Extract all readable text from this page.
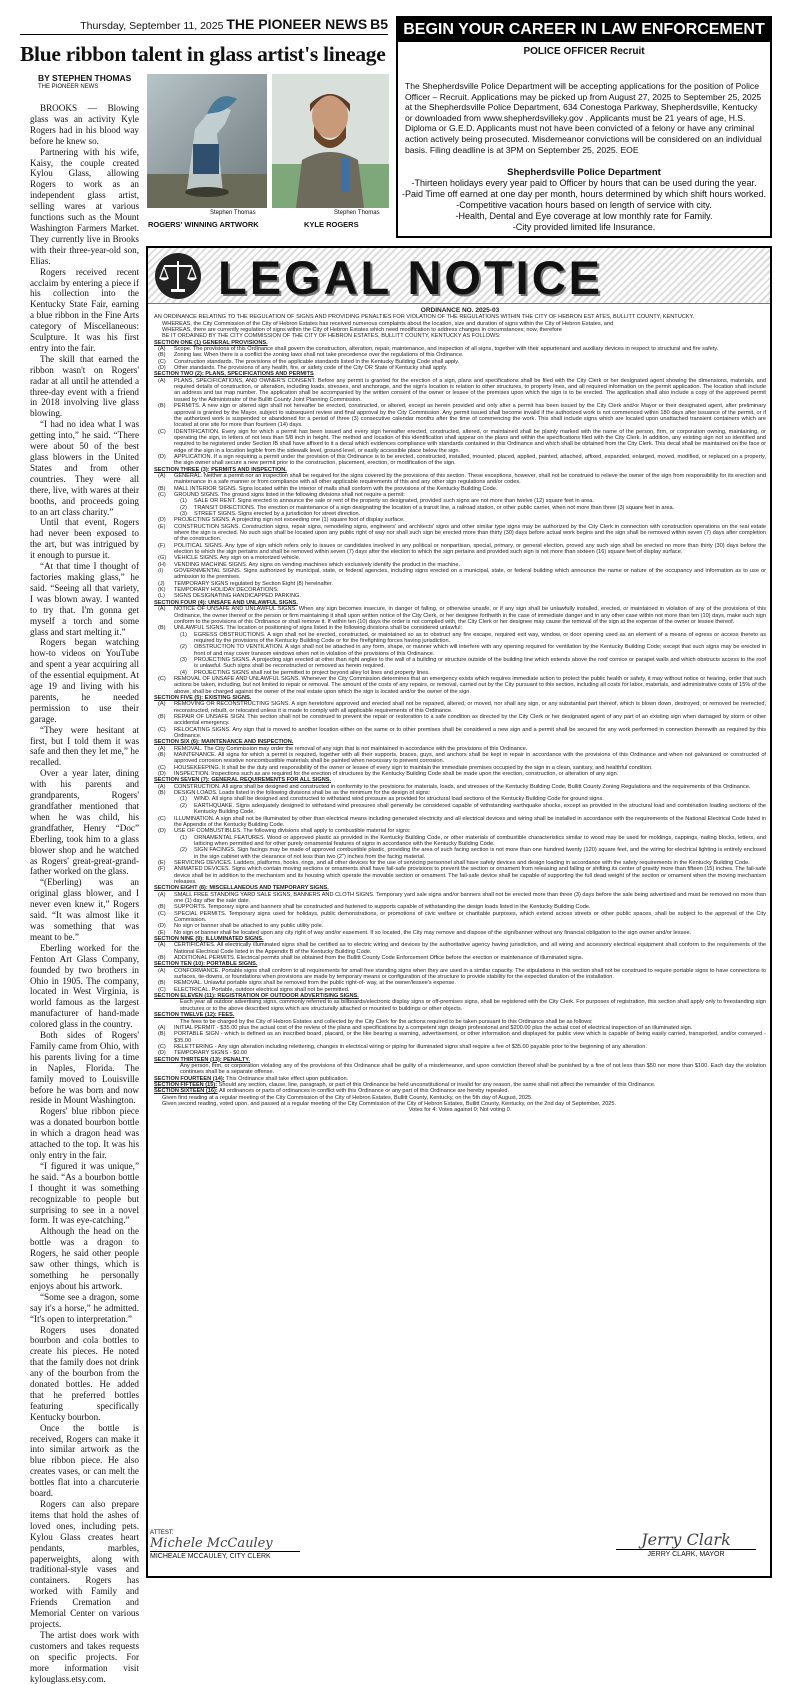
Thursday, September 11, 2025 THE PIONEER NEWS B5
Blue ribbon talent in glass artist's lineage
BY STEPHEN THOMAS
THE PIONEER NEWS
Stephen Thomas
ROGERS' WINNING ARTWORK
Stephen Thomas
KYLE ROGERS

BROOKS — Blowing glass was an activity Kyle Rogers had in his blood way before he knew so.

Partnering with his wife, Kaisy, the couple created Kylou Glass, allowing Rogers to work as an independent glass artist, selling wares at various functions such as the Mount Washington Farmers Market. They currently live in Brooks with their three-year-old son, Elias.

Rogers received recent acclaim by entering a piece if his collection into the Kentucky State Fair, earning a blue ribbon in the Fine Arts category of Miscellaneous: Sculpture. It was his first entry into the fair.

The skill that earned the ribbon wasn't on Rogers' radar at all until he attended a three-day event with a friend in 2018 involving live glass blowing.

“I had no idea what I was getting into,” he said. “There were about 50 of the best glass blowers in the United States and from other countries. They were all there, live, with wares at their booths, and proceeds going to an art class charity.”

Until that event, Rogers had never been exposed to the art, but was intrigued by it enough to pursue it.

“At that time I thought of factories making glass,” he said. “Seeing all that variety, I was blown away. I wanted to try that. I'm gonna get myself a torch and some glass and start melting it.”

Rogers began watching how-to videos on YouTube and spent a year acquiring all of the essential equipment. At age 19 and living with his parents, he needed permission to use their garage.

“They were hesitant at first, but I told them it was safe and then they let me,” he recalled.

Over a year later, dining with his parents and grandparents, Rogers' grandfather mentioned that when he was child, his grandfather, Henry “Doc” Eberling, took him to a glass blower shop and he watched as Rogers' great-great-grand-father worked on the glass.

“(Eberling) was an original glass blower, and I never even knew it,” Rogers said. “It was almost like it was something that was meant to be.”

Eberling worked for the Fenton Art Glass Company, founded by two brothers in Ohio in 1905. The company, located in West Virginia, is world famous as the largest manufacturer of hand-made colored glass in the country.

Both sides of Rogers' Family came from Ohio, with his parents living for a time in Naples, Florida. The family moved to Louisville before he was born and now reside in Mount Washington.

Rogers' blue ribbon piece was a donated bourbon bottle in which a dragon head was attached to the top. It was his only entry in the fair.

“I figured it was unique,” he said. “As a bourbon bottle I thought it was something recognizable to people but surprising to see in a novel form. It was eye-catching.”

Although the head on the bottle was a dragon to Rogers, he said other people saw other things, which is something he personally enjoys about his artwork.

“Some see a dragon, some say it's a horse,” he admitted. “It's open to interpretation.”

Rogers uses donated bourbon and cola bottles to create his pieces. He noted that the family does not drink any of the bourbon from the donated bottles. He added that he preferred bottles featuring specifically Kentucky bourbon.

Once the bottle is received, Rogers can make it into similar artwork as the blue ribbon piece. He also creates vases, or can melt the bottles flat into a charcuterie board.

Rogers can also prepare items that hold the ashes of loved ones, including pets. Kylou Glass creates heart pendants, marbles, paperweights, along with traditional-style vases and containers. Rogers has worked with Family and Friends Cremation and Memorial Center on various projects.

The artist does work with customers and takes requests on specific projects. For more information visit kylouglass.etsy.com.

BEGIN YOUR CAREER IN LAW ENFORCEMENT
POLICE OFFICER Recruit
The Shepherdsville Police Department will be accepting applications for the position of Police Officer – Recruit. Applications may be picked up from August 27, 2025 to September 25, 2025 at the Shepherdsville Police Department, 634 Conestoga Parkway, Shepherdsville, Kentucky or downloaded from www.shepherdsvilleky.gov . Applicants must be 21 years of age, H.S. Diploma or G.E.D. Applicants must not have been convicted of a felony or have any criminal action actively being prosecuted. Misdemeanor convictions will be considered on an individual basis. Filing deadline is at 3PM on September 25, 2025. EOE
Shepherdsville Police Department
-Thirteen holidays every year paid to Officer by hours that can be used during the year.
-Paid Time off earned at one day per month, hours determined by which shift hours worked.
-Competitive vacation hours based on length of service with city.
-Health, Dental and Eye coverage at low monthly rate for Family.
-City provided limited life Insurance.
LEGAL NOTICE
ORDINANCE NO. 2025-03
AN ORDINANCE RELATING TO THE REGULATION OF SIGNS AND PROVIDING PENALTIES FOR VIOLATION OF THE REGULATIONS WITHIN THE CITY OF HEBRON EST ATES, BULLITT COUNTY, KENTUCKY.
WHEREAS, the City Commission of the City of Hebron Estates has received numerous complaints about the location, size and duration of signs within the City of Hebron Estates, and
WHEREAS, there are currently regulation of signs within the City of Hebron Estates which need modification to address changes in circumstances; now, therefore
BE IT ORDAINED BY THE CITY COMMISSION OF THE CITY OF HEBRON ESTATES, BULLITT COUNTY, KENTUCKY AS FOLLOWS:
SECTION ONE (1) GENERAL PROVISIONS.
(A)	Scope. The provisions of this Ordinance shall govern the construction, alteration, repair, maintenance, and inspection of all signs, together with their appurtenant and auxiliary devices in respect to structural and fire safety.
(B)	Zoning law. When there is a conflict the zoning laws shall not take precedence over the regulations of this Ordinance.
(C)	Construction standards. The provisions of the applicable standards listed in the Kentucky Building Code shall apply.
(D)	Other standards. The provisions of any health, fire, or safety code of the City OR State of Kentucky shall apply.
SECTION TWO (2): PLANS, SPECIFICATIONS AND PERMITS
(A)	PLANS, SPECIFICATIONS, AND OWNER'S CONSENT. Before any permit is granted for the erection of a sign, plans and specifications shall be filed with the City Clerk or her designated agent showing the dimensions, materials, and required details of construction, or alteration, including loads, stresses, and anchorage, and the sign's location is relation to other structures, to property lines, and all required information on the permit application. The location shall include an address and tax map number. The application shall be accompanied by the written consent of the owner or lessee of the premises upon which the sign is to be erected. The application shall also include a copy of the approved permit issued by the Administrator of the Bullitt County Joint Planning Commission.
(B)	PERMITS. A new sign or altered sign shall not hereafter be erected, constructed, or altered, except as herein provided and only after a permit has been issued by the City Clerk and/or Mayor or their designated agent, after preliminary approval is granted by the Mayor, subject to subsequent review and final approval by the City Commission. Any permit issued shall become invalid if the authorized work is not commenced within 180 days after issuance of the permit, or if the authorized work is suspended or abandoned for a period of three (3) consecutive calendar months after the time of commencing the work. This shall include signs which are located upon unattached transient containers which are located at one site for more than fourteen (14) days.
(C)	IDENTIFICATION. Every sign for which a permit has been issued and every sign hereafter erected, constructed, altered, or maintained shall be plainly marked with the name of the person, firm, or corporation owning, maintaining, or operating the sign, in letters of not less than 5/8 inch in height. The method and location of this identification shall appear on the plans and within the specifications filed with the City Clerk. In addition, any existing sign not so identified and required to be registered under Section IB shall have affixed to it a decal which evidences compliance with standards contained in this Ordinance and which shall be obtained from the City Clerk. This decal shall be maintained on the face or edge of the sign in a location legible from the sidewalk level, ground level, or easily accessible place below the sign.
(D)	APPLICATION. If a sign requiring a permit under the provision of this Ordinance is to be erected, constructed, installed, mounted, placed, applied, painted, attached, affixed, expanded, enlarged, moved, modified, or replaced on a property, the sign owner shall secure a new permit prior to the construction, placement, erection, or modification of the sign.
SECTION THREE (3): PERMITS AND INSPECTION.
(A)	GENERAL. Neither a permit nor an inspection shall be required for the signs covered by the provisions of this section. These exceptions, however, shall not be construed to relieve the owner of the sign from responsibility for its erection and maintenance in a safe manner or from compliance with all other applicable requirements of this and any other sign regulations and/or codes.
(B)	MALL INTERIOR SIGNS. Signs located within the interior of malls shall conform with the provisions of the Kentucky Building Code.
(C)	GROUND SIGNS. The ground signs listed in the following divisions shall not require a permit:
(1)	SALE OR RENT. Signs erected to announce the sale or rent of the property so designated, provided such signs are not more than twelve (12) square feet in area.
(2)	TRANSIT DIRECTIONS. The erection or maintenance of a sign designating the location of a transit line, a railroad station, or other public carrier, when not more than three (3) square feet in area.
(3)	STREET SIGNS. Signs erected by a jurisdiction for street direction.
(D)	PROJECTING SIGNS. A projecting sign not exceeding one (1) square foot of display surface.
(E)	CONSTRUCTION SIGNS. Construction signs, repair signs, remodeling signs, engineers' and architects' signs and other similar type signs may be authorized by the City Clerk in connection with construction operations on the real estate where the sign is erected. No such sign shall be located upon any public right of way nor shall such sign be erected more than thirty (30) days before actual work begins and the sign shall be removed within seven (7) days after completion of the construction.
(F)	POLITICAL SIGNS. Any type of sign which refers only to issues or candidates involved in any political or nonpartisan, special, primary, or general election, proved any such sign shall be erected no more than thirty (30) days before the election to which the sign pertains and shall be removed within seven (7) days after the election to which the sign pertains and provided such sign is not more than sixteen (16) square feet of display surface.
(G)	VEHICLE SIGNS. Any sign on a motorized vehicle.
(H)	VENDING MACHINE SIGNS. Any signs on vending machines which exclusively identify the product in the machine.
(I)	GOVERNMENTAL SIGNS. Signs authorized by municipal, state, or federal agencies, including signs erected on a municipal, state, or federal building which announce the name or nature of the occupancy and information as to use or admission to the premises.
(J)	TEMPORARY SIGNS regulated by Section Eight (8) hereinafter.
(K)	TEMPORARY HOLIDAY DECORATIONS.
(L)	SIGNS DESIGNATING HANDICAPPED PARKING.
SECTION FOUR (4): UNSAFE AND UNLAWFUL SIGNS.
(A)	NOTICE OF UNSAFE AND UNLAWFUL SIGNS. When any sign becomes insecure, in danger of falling, or otherwise unsafe, or if any sign shall be unlawfully installed, erected, or maintained in violation of any of the provisions of this Ordinance, the owner thereof or the person or firm maintaining it shall upon written notice of the City Clerk, or her designee forthwith in the case of immediate danger and in any other case within not more than ten (10) days, make such sign conform to the provisions of this Ordinance or shall remove it. If within ten (10) days the order is not complied with, the City Clerk or her designee may cause the removal of the sign at the expense of the owner or lessee thereof.
(B)	UNLAWFUL SIGNS. The location or positioning of signs listed in the following divisions shall be considered unlawful:
(1)	EGRESS OBSTRUCTIONS. A sign shall not be erected, constructed, or maintained so as to obstruct any fire escape, required exit way, window, or door opening used as an element of a means of egress or access thereto as required by the provisions of the Kentucky Building Code or for the firefighting forces having jurisdiction.
(2)	OBSTRUCTION TO VENTILATION. A sign shall not be attached in any form, shape, or manner which will interfere with any opening required for ventilation by the Kentucky Building Code; except that such signs may be erected in front of and may cover transom windows when not in violation of the provisions of this Ordinance.
(3)	PROJECTING SIGNS. A projecting sign erected at other than right angles to the wall of a building or structure outside of the building line which extends above the roof cornice or parapet walls and which obstructs access to the roof is unlawful. Such signs shall be reconstructed or removed as herein required.
(4)	PROJECTING SIGNS shall not be permitted to project beyond alley lot lines and property lines.
(C)	REMOVAL OF UNSAFE AND UNLAWFUL SIGNS. Whenever the City Commission determines that an emergency exists which requires immediate action to protect the public health or safety, it may without notice or hearing, order that such actions be taken, including, but not limited to repair or removal. The amount of the costs of any repairs, or removal, carried out by the City pursuant to this section, including all costs for labor, materials, and administrative costs of 15% of the above, shall be charged against the owner of the real estate upon which the sign is located and/or the owner of the sign.
SECTION FIVE (5): EXISTING SIGNS.
(A)	REMOVING OR RECONSTRUCTING SIGNS. A sign heretofore approved and erected shall not be repaired, altered, or moved, nor shall any sign, or any substantial part thereof, which is blown down, destroyed, or removed be reerected, reconstructed, rebuilt, or relocated unless it is made to comply with all applicable requirements of this Ordinance.
(B)	REPAIR OF UNSAFE SIGN. This section shall not be construed to prevent the repair or restoration to a safe condition as directed by the City Clerk or her designated agent of any part of an existing sign when damaged by storm or other accidental emergency.
(C)	RELOCATING SIGNS. Any sign that is moved to another location either on the same or to other premises shall be considered a new sign and a permit shall be secured for any work performed in connection therewith as required by this Ordinance.
SECTION SIX (6): MAINTENANCE AND INSPECTION.
(A)	REMOVAL. The City Commission may order the removal of any sign that is not maintained in accordance with the provisions of this Ordinance.
(B)	MAINTENANCE. All signs for which a permit is required, together with all their supports, braces, guys, and anchors shall be kept in repair in accordance with the provisions of this Ordinance and when not galvanized or constructed of approved corrosion resistive noncombustible materials shall be painted when necessary to prevent corrosion.
(C)	HOUSEKEEPING. It shall be the duty and responsibility of the owner or lessee of every sign to maintain the immediate premises occupied by the sign in a clean, sanitary, and healthful condition.
(D)	INSPECTION. Inspections such as are required for the erection of structures by the Kentucky Building Code shall be made upon the erection, construction, or alteration of any sign.
SECTION SEVEN (7): GENERAL REQUIREMENTS FOR ALL SIGNS.
(A)	CONSTRUCTION. All signs shall be designed and constructed in conformity to the provisions for materials, loads, and stresses of the Kentucky Building Code, Bullitt County Zoning Regulations and the requirements of this Ordinance.
(B)	DESIGN LOADS. Loads listed in the following divisions shall be as the minimum for the design of signs:
(1)	WIND. All signs shall be designed and constructed to withstand wind pressure as provided for structural load sections of the Kentucky Building Code for ground signs.
(2)	EARTHQUAKE. Signs adequately designed to withstand wind pressures shall generally be considered capable of withstanding earthquake shocks, except as provided in the structural load and combination loading sections of the Kentucky Building Code.
(C)	ILLUMINATION. A sign shall not be illuminated by other than electrical means including generated electricity and all electrical devices and wiring shall be installed in accordance with the requirements of the National Electrical Code listed in the Appendix of the Kentucky Building Code.
(D)	USE OF COMBUSTIBLES. The following divisions shall apply to combustible material for signs:
(1)	ORNAMENTAL FEATURES. Wood or approved plastic as provided in the Kentucky Building Code, or other materials of combustible characteristics similar to wood may be used for moldings, cappings, nailing blocks, letters, and latticing when permitted and for other purely ornamental features of signs in accordance with the Kentucky Building Code.
(2)	SIGN FACINGS. Sign facings may be made of approved combustible plastic, providing the area of such facing section is not more than one hundred twenty (120) square feet, and the wiring for electrical lighting is entirely enclosed in the sign cabinet with the clearance of not less than two (2") inches from the facing material.
(E)	SERVICING DEVICES. Ladders, platforms, hooks, rings, and all other devices for the use of servicing personnel shall have safety devices and design loading in accordance with the safety requirements in the Kentucky Building Code.
(F)	ANIMATED DEVICES. Signs which contain moving sections or ornaments shall have fail-safe provisions to prevent the section or ornament from releasing and falling or shifting its center of gravity more than fifteen (15) inches. The fail-safe device shall be in addition to the mechanism and its housing which operate the movable section or ornament. The fail-safe device shall be capable of supporting the full dead weight of the section or ornament when the moving mechanism releases.
SECTION EIGHT (8): MISCELLANEOUS AND TEMPORARY SIGNS.
(A)	SMALL FREE STANDING YARD SALE SIGNS, BANNERS AND CLOTH SIGNS. Temporary yard sale signs and/or banners shall not be erected more than three (3) days before the sale being advertised and must be removed no more than one (1) day after the sale date.
(B)	SUPPORTS. Temporary signs and banners shall be constructed and fastened to supports capable of withstanding the design loads listed in the Kentucky Building Code.
(C)	SPECIAL PERMITS. Temporary signs used for holidays, public demonstrations, or promotions of civic welfare or charitable purposes, which extend across streets or other public spaces, shall be subject to the approval of the City Commission.
(D)	No sign or banner shall be attached to any public utility pole.
(E)	No sign or banner shall be located upon any city right of way and/or easement. If so located, the City may remove and dispose of the sign/banner without any financial obligation to the sign owner and/or lessee.
SECTION NINE (9): ILLUMINATED SIGNS.
(A)	CERTIFICATES. All electrically illuminated signs shall be certified as to electric wiring and devices by the authoritative agency having jurisdiction, and all wiring and accessory electrical equipment shall conform to the requirements of the National Electrical Code listed in the Appendix B of the Kentucky Building Code.
(B)	ADDITIONAL PERMITS. Electrical permits shall be obtained from the Bullitt County Code Enforcement Office before the erection or maintenance of illuminated signs.
SECTION TEN (10): PORTABLE SIGNS.
(A)	CONFORMANCE. Portable signs shall conform to all requirements for small free standing signs when they are used in a similar capacity. The stipulations in this section shall not be construed to require portable signs to have connections to surfaces, tie-downs, or foundations when provisions are made by temporary means or configuration of the structure to provide stability for the expected duration of the installation.
(B)	REMOVAL. Unlawful portable signs shall be removed from the public right-of- way, at the owner/lessee's expense.
(C)	ELECTRICAL. Portable, outdoor electrical signs shall not be permitted.
SECTION ELEVEN (11): REGISTRATION OF OUTDOOR ADVERTISING SIGNS.
Each year all outdoor advertising signs, commonly referred to as billboards/electronic display signs or off-premises signs, shall be registered with the City Clerk. For purposes of registration, this section shall apply only to freestanding sign structures or to the above described signs which are structurally attached or mounted to buildings or other objects.
SECTION TWELVE (12): FEES.
The fees to be charged by the City of Hebron Estates and collected by the City Clerk for the actions required to be taken pursuant to this Ordinance shall be as follows:
(A)	INITIAL PERMIT - $35.00 plus the actual cost of the review of the plans and specifications by a competent sign design professional and $200.00 plus the actual cost of electrical inspection of an illuminated sign.
(B)	PORTABLE SIGN - which is defined as an inscribed board, placard, or the like bearing a warning, advertisement, or other information and displayed for public view which is capable of being easily carried, transported, and/or conveyed - $35.00
(C)	RELETTERING - Any sign alteration including relettering, changes in electrical wiring or piping for illuminated signs shall require a fee of $35.00 payable prior to the beginning of any alteration.
(D)	TEMPORARY SIGNS - $0.00
SECTION THIRTEEN (13): PENALTY.
Any person, firm, or corporation violating any of the provisions of this Ordinance shall be guilty of a misdemeanor, and upon conviction thereof shall be punished by a fine of not less than $50 nor more than $100. Each day the violation continues shall be a separate offense.
SECTION FOURTEEN (14): This Ordinance shall take effect upon publication.
SECTION FIFTEEN (15): Should any section, clause, line, paragraph, or part of this Ordinance be held unconstitutional or invalid for any reason, the same shall not affect the remainder of this Ordinance.
SECTION SIXTEEN (16): All ordinances or parts of ordinances in conflict with this Ordinance or any part of this Ordinance are hereby repealed.
Given first reading at a regular meeting of the City Commission of the City of Hebron Estates, Bullitt County, Kentucky, on the 5th day of August, 2025.
Given second reading, voted upon, and passed at a regular meeting of the City Commission of the City of Hebron Estates, Bullitt County, Kentucky, on the 2nd day of September, 2025.
Votes for 4: Votes against 0; Not voting 0.
ATTEST:
Michele McCauley
MICHEALE MCCAULEY, CITY CLERK
Jerry Clark
JERRY CLARK, MAYOR
